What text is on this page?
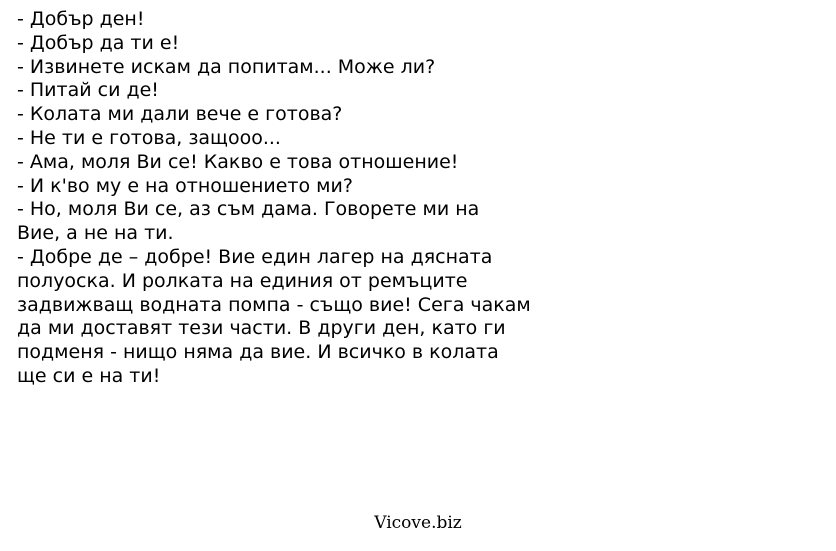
- Добър ден!
- Добър да ти е!
- Извинете искам да попитам... Може ли?
- Питай си де!
- Колата ми дали вече е готова?
- Не ти е готова, защооо...
- Ама, моля Ви се! Какво е това отношение!
- И к'во му е на отношението ми?
- Но, моля Ви се, аз съм дама. Говорете ми на
Вие, а не на ти.
- Добре де – добре! Вие един лагер на дясната
полуоска. И ролката на единия от ремъците
задвижващ водната помпа - също вие! Сега чакам
да ми доставят тези части. В други ден, като ги
подменя - нищо няма да вие. И всичко в колата
ще си е на ти!
Vicove.biz
